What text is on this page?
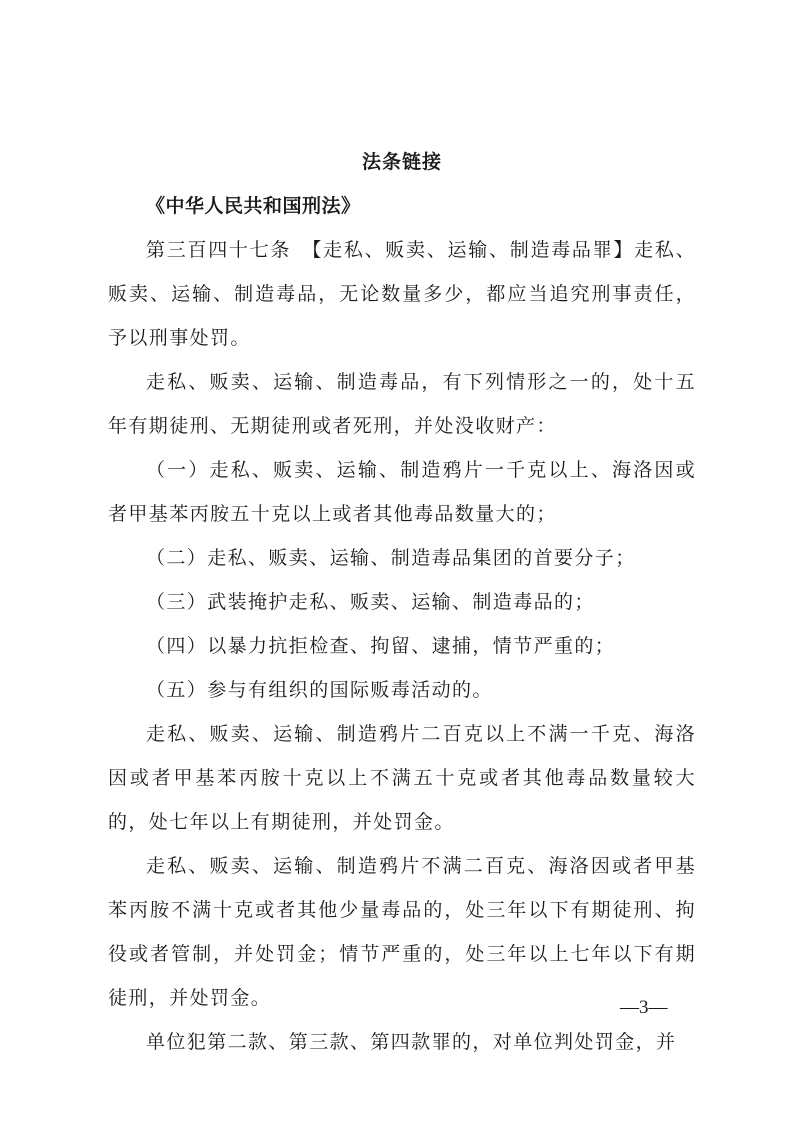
法条链接
《中华人民共和国刑法》

第三百四十七条　【走私、贩卖、运输、制造毒品罪】走私、贩卖、运输、制造毒品，无论数量多少，都应当追究刑事责任，予以刑事处罚。

走私、贩卖、运输、制造毒品，有下列情形之一的，处十五年有期徒刑、无期徒刑或者死刑，并处没收财产：

（一）走私、贩卖、运输、制造鸦片一千克以上、海洛因或者甲基苯丙胺五十克以上或者其他毒品数量大的；

（二）走私、贩卖、运输、制造毒品集团的首要分子；

（三）武装掩护走私、贩卖、运输、制造毒品的；

（四）以暴力抗拒检查、拘留、逮捕，情节严重的；

（五）参与有组织的国际贩毒活动的。

走私、贩卖、运输、制造鸦片二百克以上不满一千克、海洛因或者甲基苯丙胺十克以上不满五十克或者其他毒品数量较大的，处七年以上有期徒刑，并处罚金。

走私、贩卖、运输、制造鸦片不满二百克、海洛因或者甲基苯丙胺不满十克或者其他少量毒品的，处三年以下有期徒刑、拘役或者管制，并处罚金；情节严重的，处三年以上七年以下有期徒刑，并处罚金。

单位犯第二款、第三款、第四款罪的，对单位判处罚金，并

—3—
